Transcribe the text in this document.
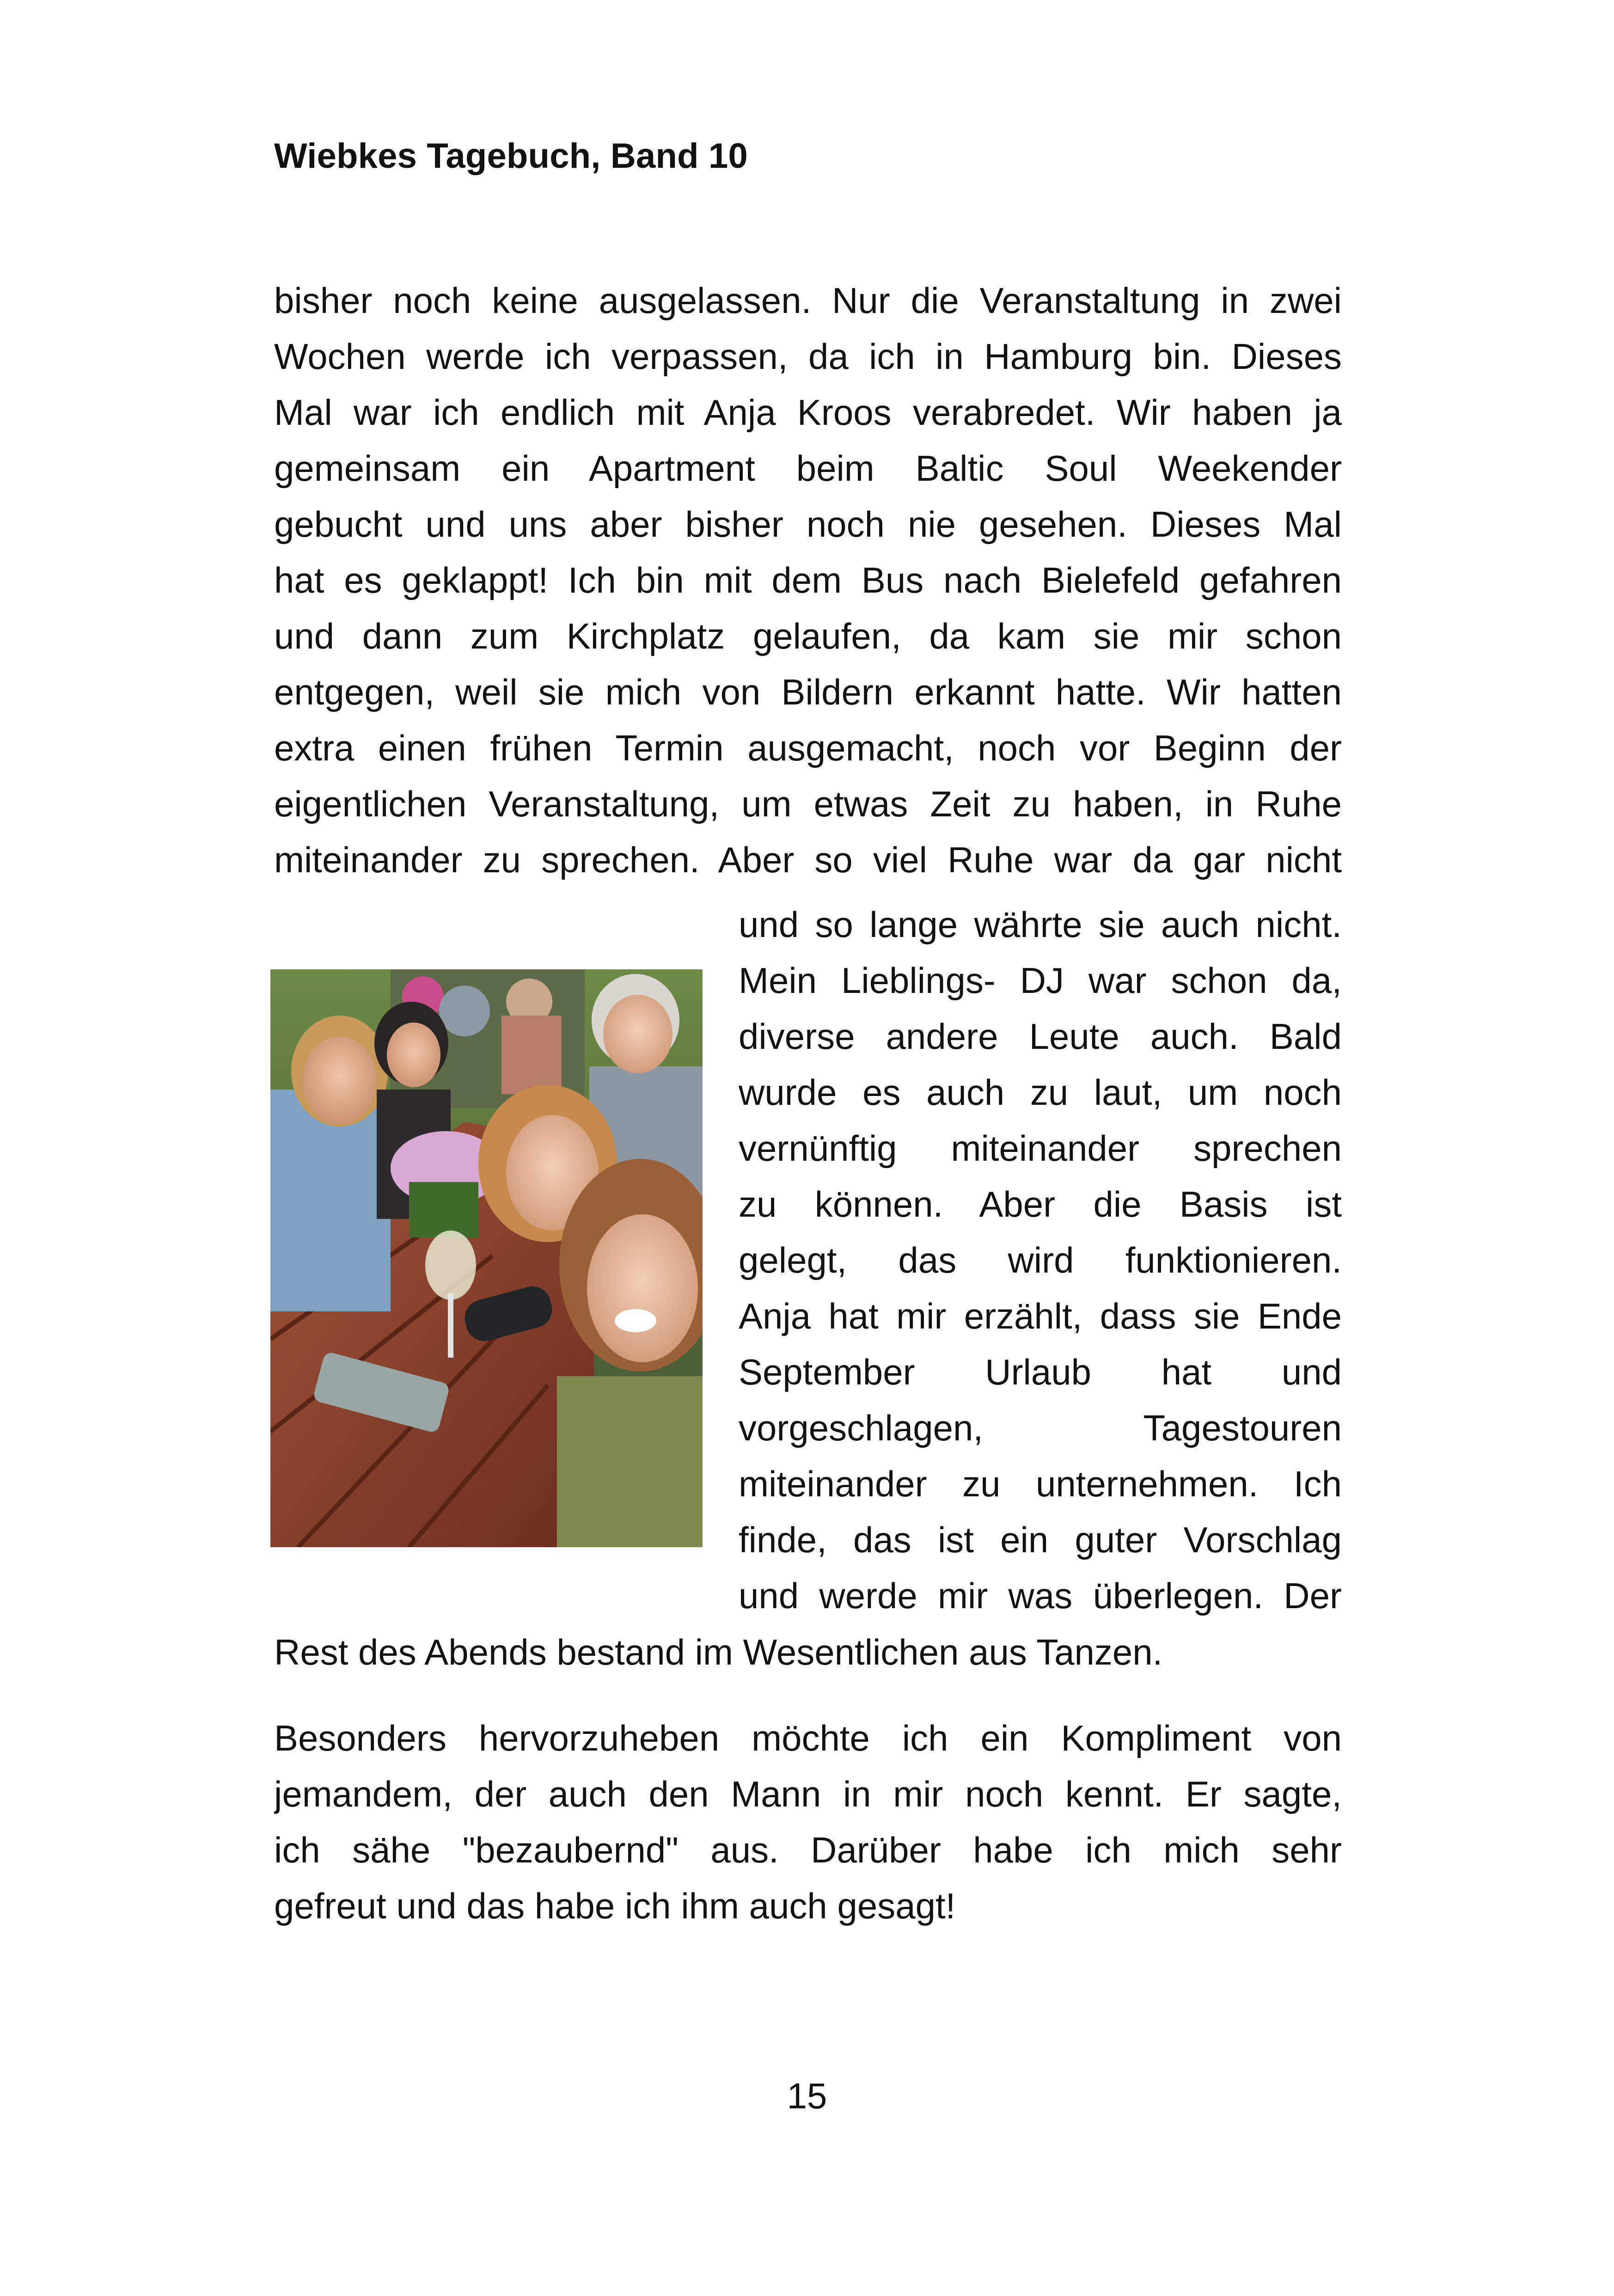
Wiebkes Tagebuch, Band 10
bisher noch keine ausgelassen. Nur die Veranstaltung in zwei
Wochen werde ich verpassen, da ich in Hamburg bin. Dieses
Mal war ich endlich mit Anja Kroos verabredet. Wir haben ja
gemeinsam ein Apartment beim Baltic Soul Weekender
gebucht und uns aber bisher noch nie gesehen. Dieses Mal
hat es geklappt! Ich bin mit dem Bus nach Bielefeld gefahren
und dann zum Kirchplatz gelaufen, da kam sie mir schon
entgegen, weil sie mich von Bildern erkannt hatte. Wir hatten
extra einen frühen Termin ausgemacht, noch vor Beginn der
eigentlichen Veranstaltung, um etwas Zeit zu haben, in Ruhe
miteinander zu sprechen. Aber so viel Ruhe war da gar nicht
und so lange währte sie auch nicht.
Mein Lieblings- DJ war schon da,
diverse andere Leute auch. Bald
wurde es auch zu laut, um noch
vernünftig miteinander sprechen
zu können. Aber die Basis ist
gelegt, das wird funktionieren.
Anja hat mir erzählt, dass sie Ende
September Urlaub hat und
vorgeschlagen, Tagestouren
miteinander zu unternehmen. Ich
finde, das ist ein guter Vorschlag
und werde mir was überlegen. Der
Rest des Abends bestand im Wesentlichen aus Tanzen.
Besonders hervorzuheben möchte ich ein Kompliment von
jemandem, der auch den Mann in mir noch kennt. Er sagte,
ich sähe "bezaubernd" aus. Darüber habe ich mich sehr
gefreut und das habe ich ihm auch gesagt!
15
